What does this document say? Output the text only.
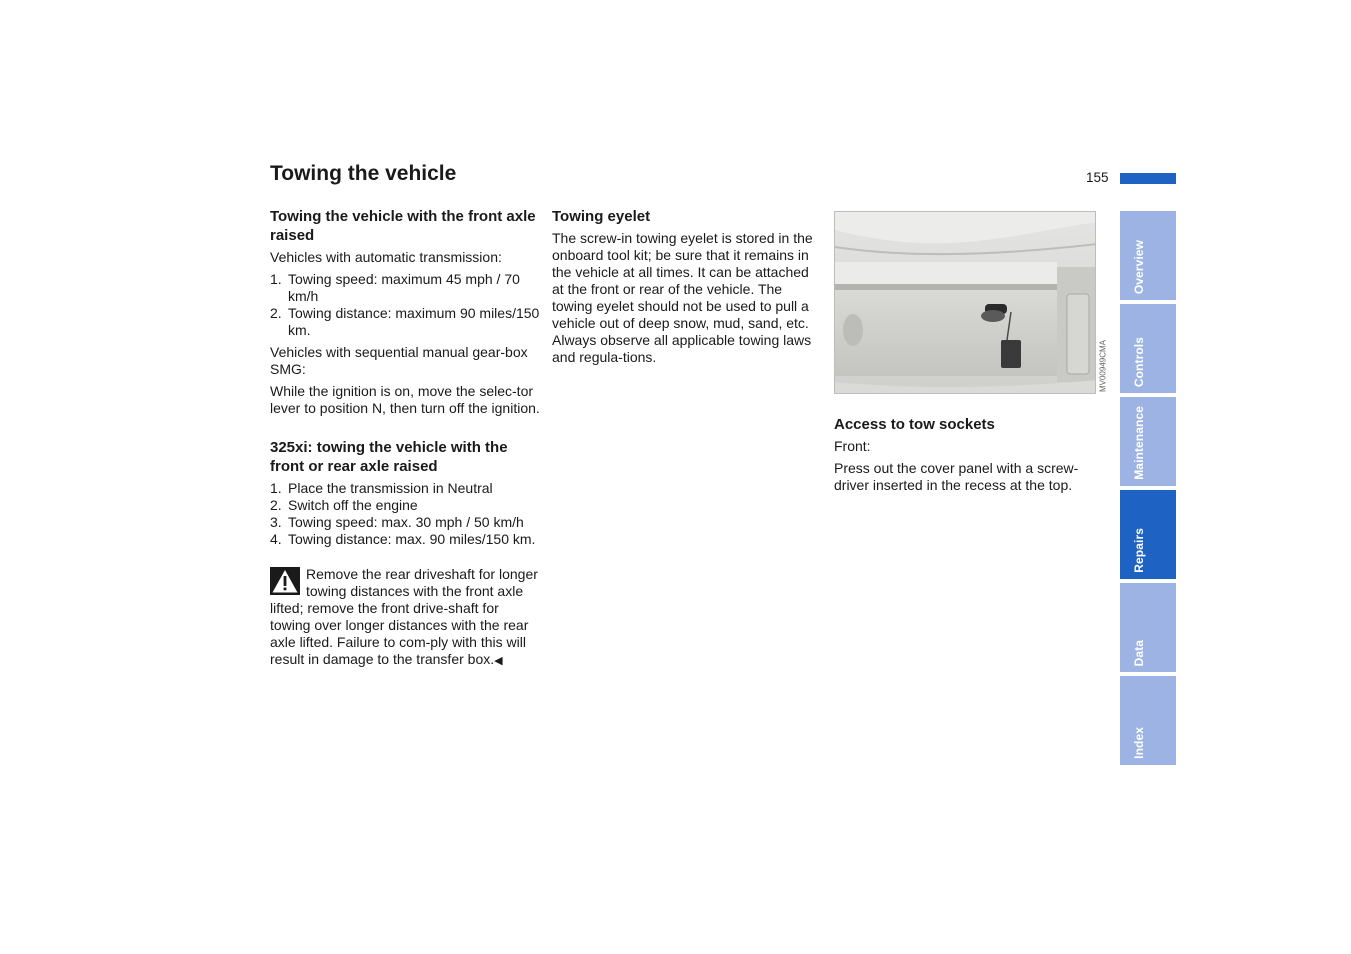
Towing the vehicle	155
Towing the vehicle with the front axle raised

Vehicles with automatic transmission:

1. Towing speed: maximum 45 mph / 70 km/h
2. Towing distance: maximum 90 miles/150 km.

Vehicles with sequential manual gear-box SMG:

While the ignition is on, move the selec-tor lever to position N, then turn off the ignition.

325xi: towing the vehicle with the front or rear axle raised
1. Place the transmission in Neutral
2. Switch off the engine
3. Towing speed: max. 30 mph / 50 km/h
4. Towing distance: max. 90 miles/150 km.
Remove the rear driveshaft for longer towing distances with the front axle lifted; remove the front drive-shaft for towing over longer distances with the rear axle lifted. Failure to com-ply with this will result in damage to the transfer box.◀
Towing eyelet

The screw-in towing eyelet is stored in the onboard tool kit; be sure that it remains in the vehicle at all times. It can be attached at the front or rear of the vehicle. The towing eyelet should not be used to pull a vehicle out of deep snow, mud, sand, etc. Always observe all applicable towing laws and regula-tions.	MV00949CMA
Access to tow sockets

Front:

Press out the cover panel with a screw-driver inserted in the recess at the top.

Overview
Controls
Maintenance
Repairs
Data
Index
